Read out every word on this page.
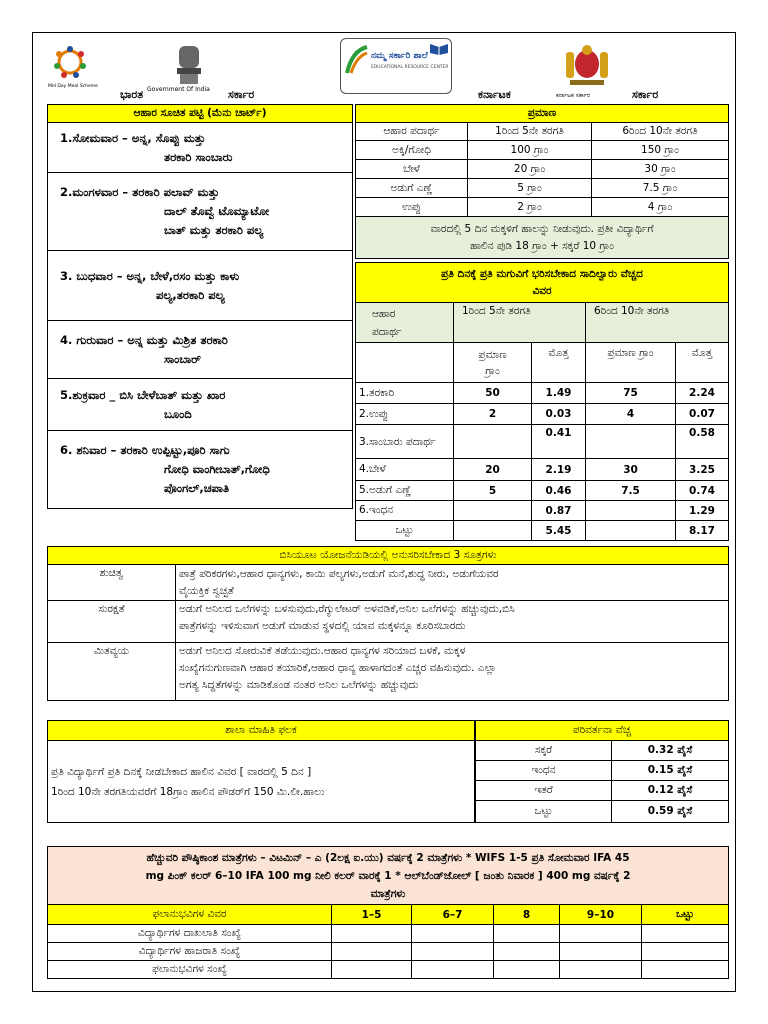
Mid Day Meal Scheme
ಭಾರತ Government Of India ಸರ್ಕಾರ
ನಮ್ಮ ಸರ್ಕಾರಿ ಶಾಲೆ
EDUCATIONAL RESOURCE CENTER
ಕರ್ನಾಟಕ	ಕರ್ನಾಟಕ ಸರ್ಕಾರ	ಸರ್ಕಾರ
ಆಹಾರ ಸೂಚಿತ ಪಟ್ಟಿ (ಮೆನು ಚಾರ್ಟ್)
1.ಸೋಮವಾರ – ಅನ್ನ, ಸೊಪ್ಪು ಮತ್ತು
ತರಕಾರಿ ಸಾಂಬಾರು

2.ಮಂಗಳವಾರ – ತರಕಾರಿ ಪಲಾವ್ ಮತ್ತು
ದಾಲ್ ತೊವ್ವೆ ಟೊಮ್ಯಾಟೋ
ಬಾತ್ ಮತ್ತು ತರಕಾರಿ ಪಲ್ಯ

3. ಬುಧವಾರ – ಅನ್ನ, ಬೇಳೆ,ರಸಂ ಮತ್ತು ಕಾಳು
ಪಲ್ಯ,ತರಕಾರಿ ಪಲ್ಯ

4. ಗುರುವಾರ – ಅನ್ನ ಮತ್ತು ಮಿಶ್ರಿತ ತರಕಾರಿ
ಸಾಂಬಾರ್

5.ಶುಕ್ರವಾರ _ ಬಿಸಿ ಬೇಳೆಬಾತ್ ಮತ್ತು ಖಾರ
ಬೂಂದಿ

6. ಶನಿವಾರ – ತರಕಾರಿ ಉಪ್ಪಿಟ್ಟು,ಪೂರಿ ಸಾಗು
ಗೋಧಿ ವಾಂಗೀಬಾತ್,ಗೋಧಿ
ಪೊಂಗಲ್,ಚಪಾತಿ
ಪ್ರಮಾಣ		
ಆಹಾರ ಪದಾರ್ಥ	1ರಿಂದ 5ನೇ ತರಗತಿ	6ರಿಂದ 10ನೇ ತರಗತಿ
ಅಕ್ಕಿ/ಗೋಧಿ	100 ಗ್ರಾಂ	150 ಗ್ರಾಂ
ಬೇಳೆ	20 ಗ್ರಾಂ	30 ಗ್ರಾಂ
ಅಡುಗೆ ಎಣ್ಣೆ	5 ಗ್ರಾಂ	7.5 ಗ್ರಾಂ
ಉಪ್ಪು	2 ಗ್ರಾಂ	4 ಗ್ರಾಂ

ವಾರದಲ್ಲಿ 5 ದಿನ ಮಕ್ಕಳಿಗೆ ಹಾಲನ್ನು ನೀಡುವುದು. ಪ್ರತೀ ವಿದ್ಯಾರ್ಥಿಗೆ
ಹಾಲಿನ ಪುಡಿ 18 ಗ್ರಾಂ + ಸಕ್ಕರೆ 10 ಗ್ರಾಂ		
ಪ್ರತಿ ದಿನಕ್ಕೆ ಪ್ರತಿ ಮಗುವಿಗೆ ಭರಿಸಬೇಕಾದ ಸಾದಿಲ್ವಾರು ವೆಚ್ಚದ
ವಿವರ				

ಆಹಾರ
ಪದಾರ್ಥ	1ರಿಂದ 5ನೇ ತರಗತಿ		6ರಿಂದ 10ನೇ ತರಗತಿ	

	ಪ್ರಮಾಣ
ಗ್ರಾಂ	ಮೊತ್ತ	ಪ್ರಮಾಣ ಗ್ರಾಂ	ಮೊತ್ತ
1.ತರಕಾರಿ	50	1.49	75	2.24
2.ಉಪ್ಪು	2	0.03	4	0.07
3.ಸಾಂಬಾರು ಪದಾರ್ಥ		0.41		0.58
4.ಬೇಳೆ	20	2.19	30	3.25
5.ಅಡುಗೆ ಎಣ್ಣೆ	5	0.46	7.5	0.74
6.ಇಂಧನ		0.87		1.29
ಒಟ್ಟು		5.45		8.17
ಬಿಸಿಯೂಟ ಯೋಜನೆಯಡಿಯಲ್ಲಿ ಅನುಸರಿಸಬೇಕಾದ 3 ಸೂತ್ರಗಳು	
ಶುಚಿತ್ವ	ಪಾತ್ರೆ ಪರಿಕರಗಳು,ಆಹಾರ ಧಾನ್ಯಗಳು, ಕಾಯಿ ಪಲ್ಯಗಳು,ಅಡುಗೆ ಮನೆ,ಶುದ್ಧ ನೀರು, ಅಡುಗೆಯವರ
ವೈಯಕ್ತಿಕ ಸ್ವಚ್ಛತೆ

ಸುರಕ್ಷತೆ	ಅಡುಗೆ ಅನಿಲದ ಒಲೆಗಳನ್ನು ಬಳಸುವುದು,ರೆಗ್ಯುಲೇಟರ್ ಅಳವಡಿಕೆ,ಅನಿಲ ಒಲೆಗಳನ್ನು ಹಚ್ಚುವುದು,ಬಿಸಿ
ಪಾತ್ರೆಗಳನ್ನು ಇಳಿಸುವಾಗ ಅಡುಗೆ ಮಾಡುವ ಸ್ಥಳದಲ್ಲಿ ಯಾವ ಮಕ್ಕಳನ್ನೂ ಕೂರಿಸಬಾರದು

ಮಿತವ್ಯಯ	ಅಡುಗೆ ಅನಿಲದ ಸೋರುವಿಕೆ ತಡೆಯುವುದು.ಆಹಾರ ಧಾನ್ಯಗಳ ಸರಿಯಾದ ಬಳಕೆ, ಮಕ್ಕಳ
ಸಂಖ್ಯೆಗನುಗುಣವಾಗಿ ಆಹಾರ ತಯಾರಿಕೆ,ಆಹಾರ ಧಾನ್ಯ ಹಾಳಾಗದಂತೆ ಎಚ್ಚರ ವಹಿಸುವುದು. ಎಲ್ಲಾ
ಅಗತ್ಯ ಸಿದ್ದತೆಗಳನ್ನು ಮಾಡಿಕೊಂಡ ನಂತರ ಅನಿಲ ಒಲೆಗಳನ್ನು ಹಚ್ಚುವುದು
ಶಾಲಾ ಮಾಹಿತಿ ಫಲಕ

ಪ್ರತಿ ವಿದ್ಯಾರ್ಥಿಗೆ ಪ್ರತಿ ದಿನಕ್ಕೆ ನೀಡಬೇಕಾದ ಹಾಲಿನ ವಿವರ [ ವಾರದಲ್ಲಿ 5 ದಿನ ]
1ರಿಂದ 10ನೇ ತರಗತಿಯವರೆಗೆ 18ಗ್ರಾಂ ಹಾಲಿನ ಪೌಡರ್‌ಗೆ 150 ಮಿ.ಲೀ.ಹಾಲು
ಪರಿವರ್ತನಾ ವೆಚ್ಚ	
ಸಕ್ಕರೆ	0.32 ಪೈಸೆ
ಇಂಧನ	0.15 ಪೈಸೆ
ಇತರೆ	0.12 ಪೈಸೆ
ಒಟ್ಟು	0.59 ಪೈಸೆ
ಹೆಚ್ಚುವರಿ ಪೌಷ್ಠಿಕಾಂಶ ಮಾತ್ರೆಗಳು – ವಿಟಮಿನ್ – ಎ (2ಲಕ್ಷ ಐ.ಯು) ವರ್ಷಕ್ಕೆ 2 ಮಾತ್ರೆಗಳು * WIFS 1-5 ಪ್ರತಿ ಸೋಮವಾರ IFA 45
mg ಪಿಂಕ್ ಕಲರ್ 6–10 IFA 100 mg ನೀಲಿ ಕಲರ್ ವಾರಕ್ಕೆ 1 * ಆಲ್‌ಬೆಂಡ್‌ಜೋಲ್ [ ಜಂತು ನಿವಾರಕ ] 400 mg ವರ್ಷಕ್ಕೆ 2
ಮಾತ್ರೆಗಳು					

ಫಲಾನುಭವಿಗಳ ವಿವರ	1–5	6–7	8	9–10	ಒಟ್ಟು
ವಿದ್ಯಾರ್ಥಿಗಳ ದಾಖಲಾತಿ ಸಂಖ್ಯೆ					
ವಿದ್ಯಾರ್ಥಿಗಳ ಹಾಜರಾತಿ ಸಂಖ್ಯೆ					
ಫಲಾನುಭವಿಗಳ ಸಂಖ್ಯೆ					
